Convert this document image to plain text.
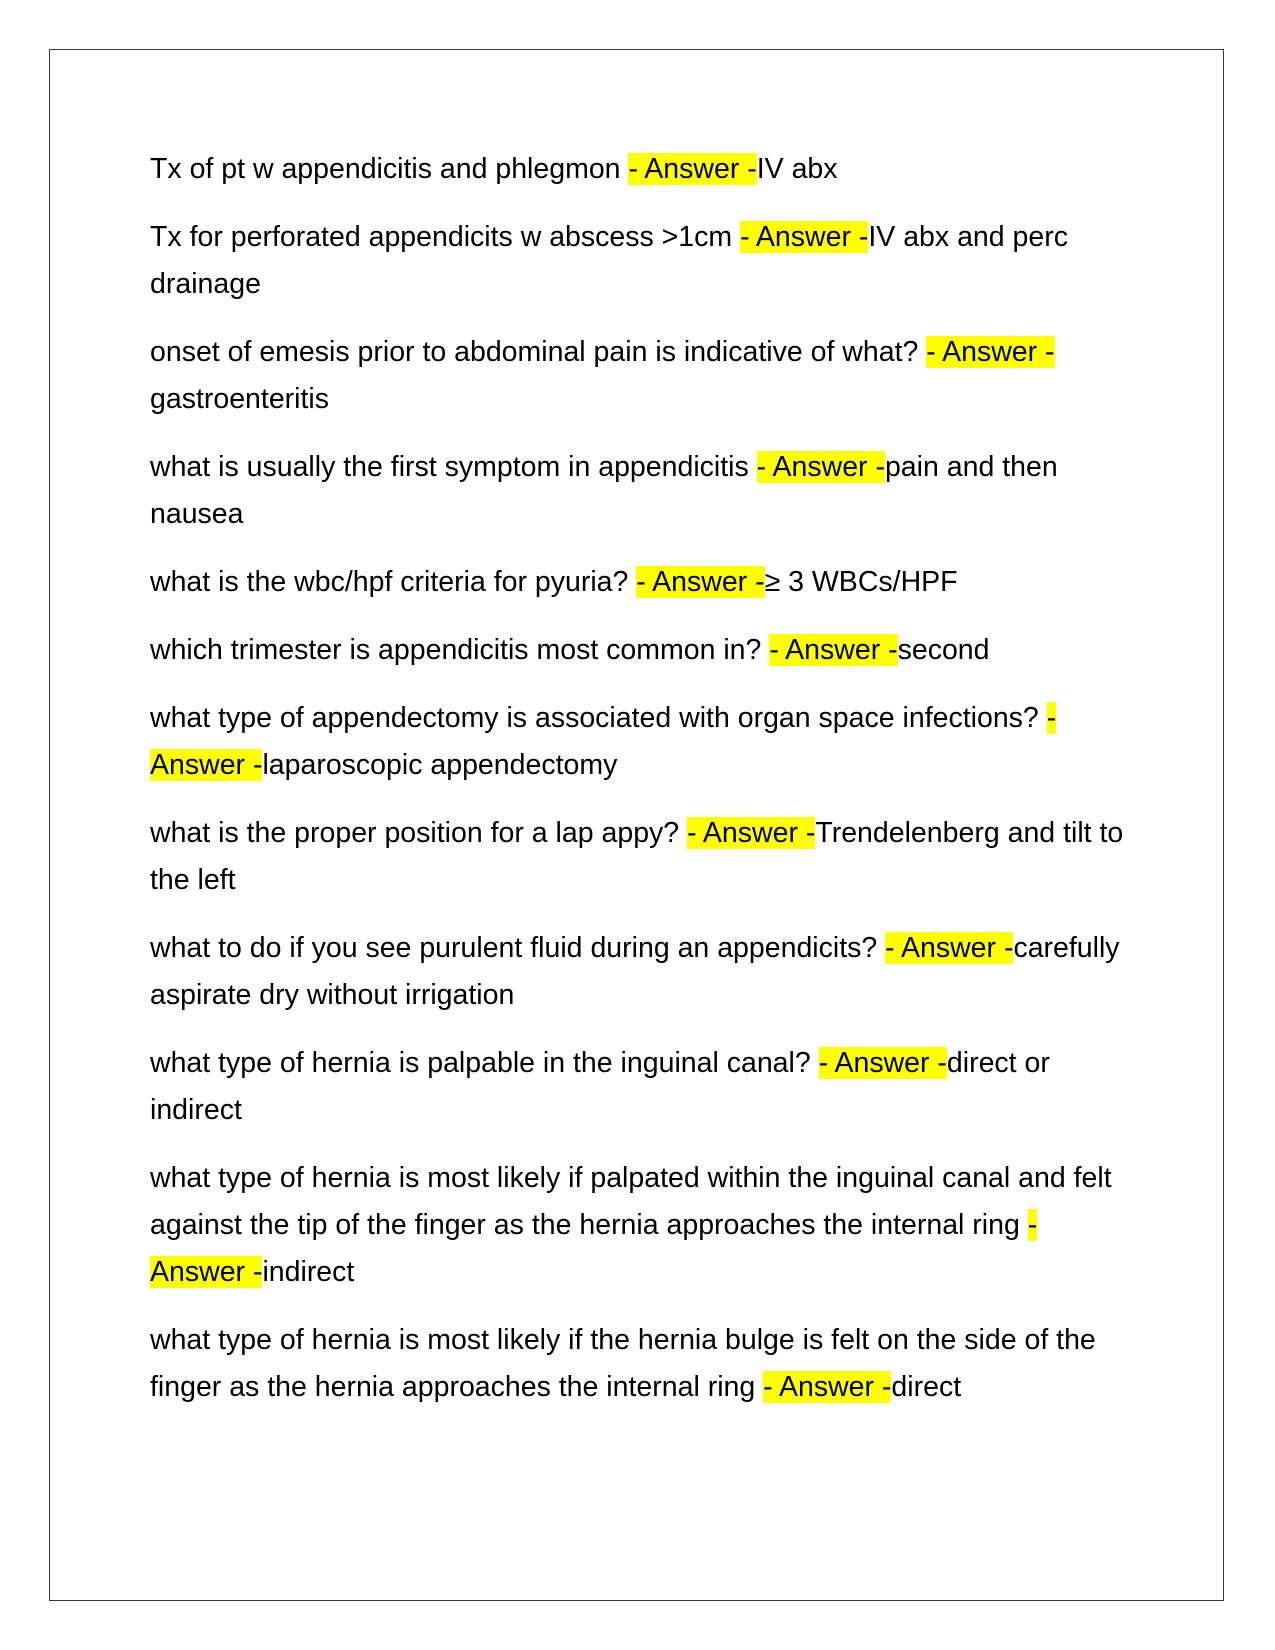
Tx of pt w appendicitis and phlegmon - Answer -IV abx

Tx for perforated appendicits w abscess >1cm - Answer -IV abx and perc drainage

onset of emesis prior to abdominal pain is indicative of what? - Answer -gastroenteritis

what is usually the first symptom in appendicitis - Answer -pain and then nausea

what is the wbc/hpf criteria for pyuria? - Answer -≥ 3 WBCs/HPF

which trimester is appendicitis most common in? - Answer -second

what type of appendectomy is associated with organ space infections? - Answer -laparoscopic appendectomy

what is the proper position for a lap appy? - Answer -Trendelenberg and tilt to the left

what to do if you see purulent fluid during an appendicits? - Answer -carefully aspirate dry without irrigation

what type of hernia is palpable in the inguinal canal? - Answer -direct or indirect

what type of hernia is most likely if palpated within the inguinal canal and felt against the tip of the finger as the hernia approaches the internal ring - Answer -indirect

what type of hernia is most likely if the hernia bulge is felt on the side of the finger as the hernia approaches the internal ring - Answer -direct
